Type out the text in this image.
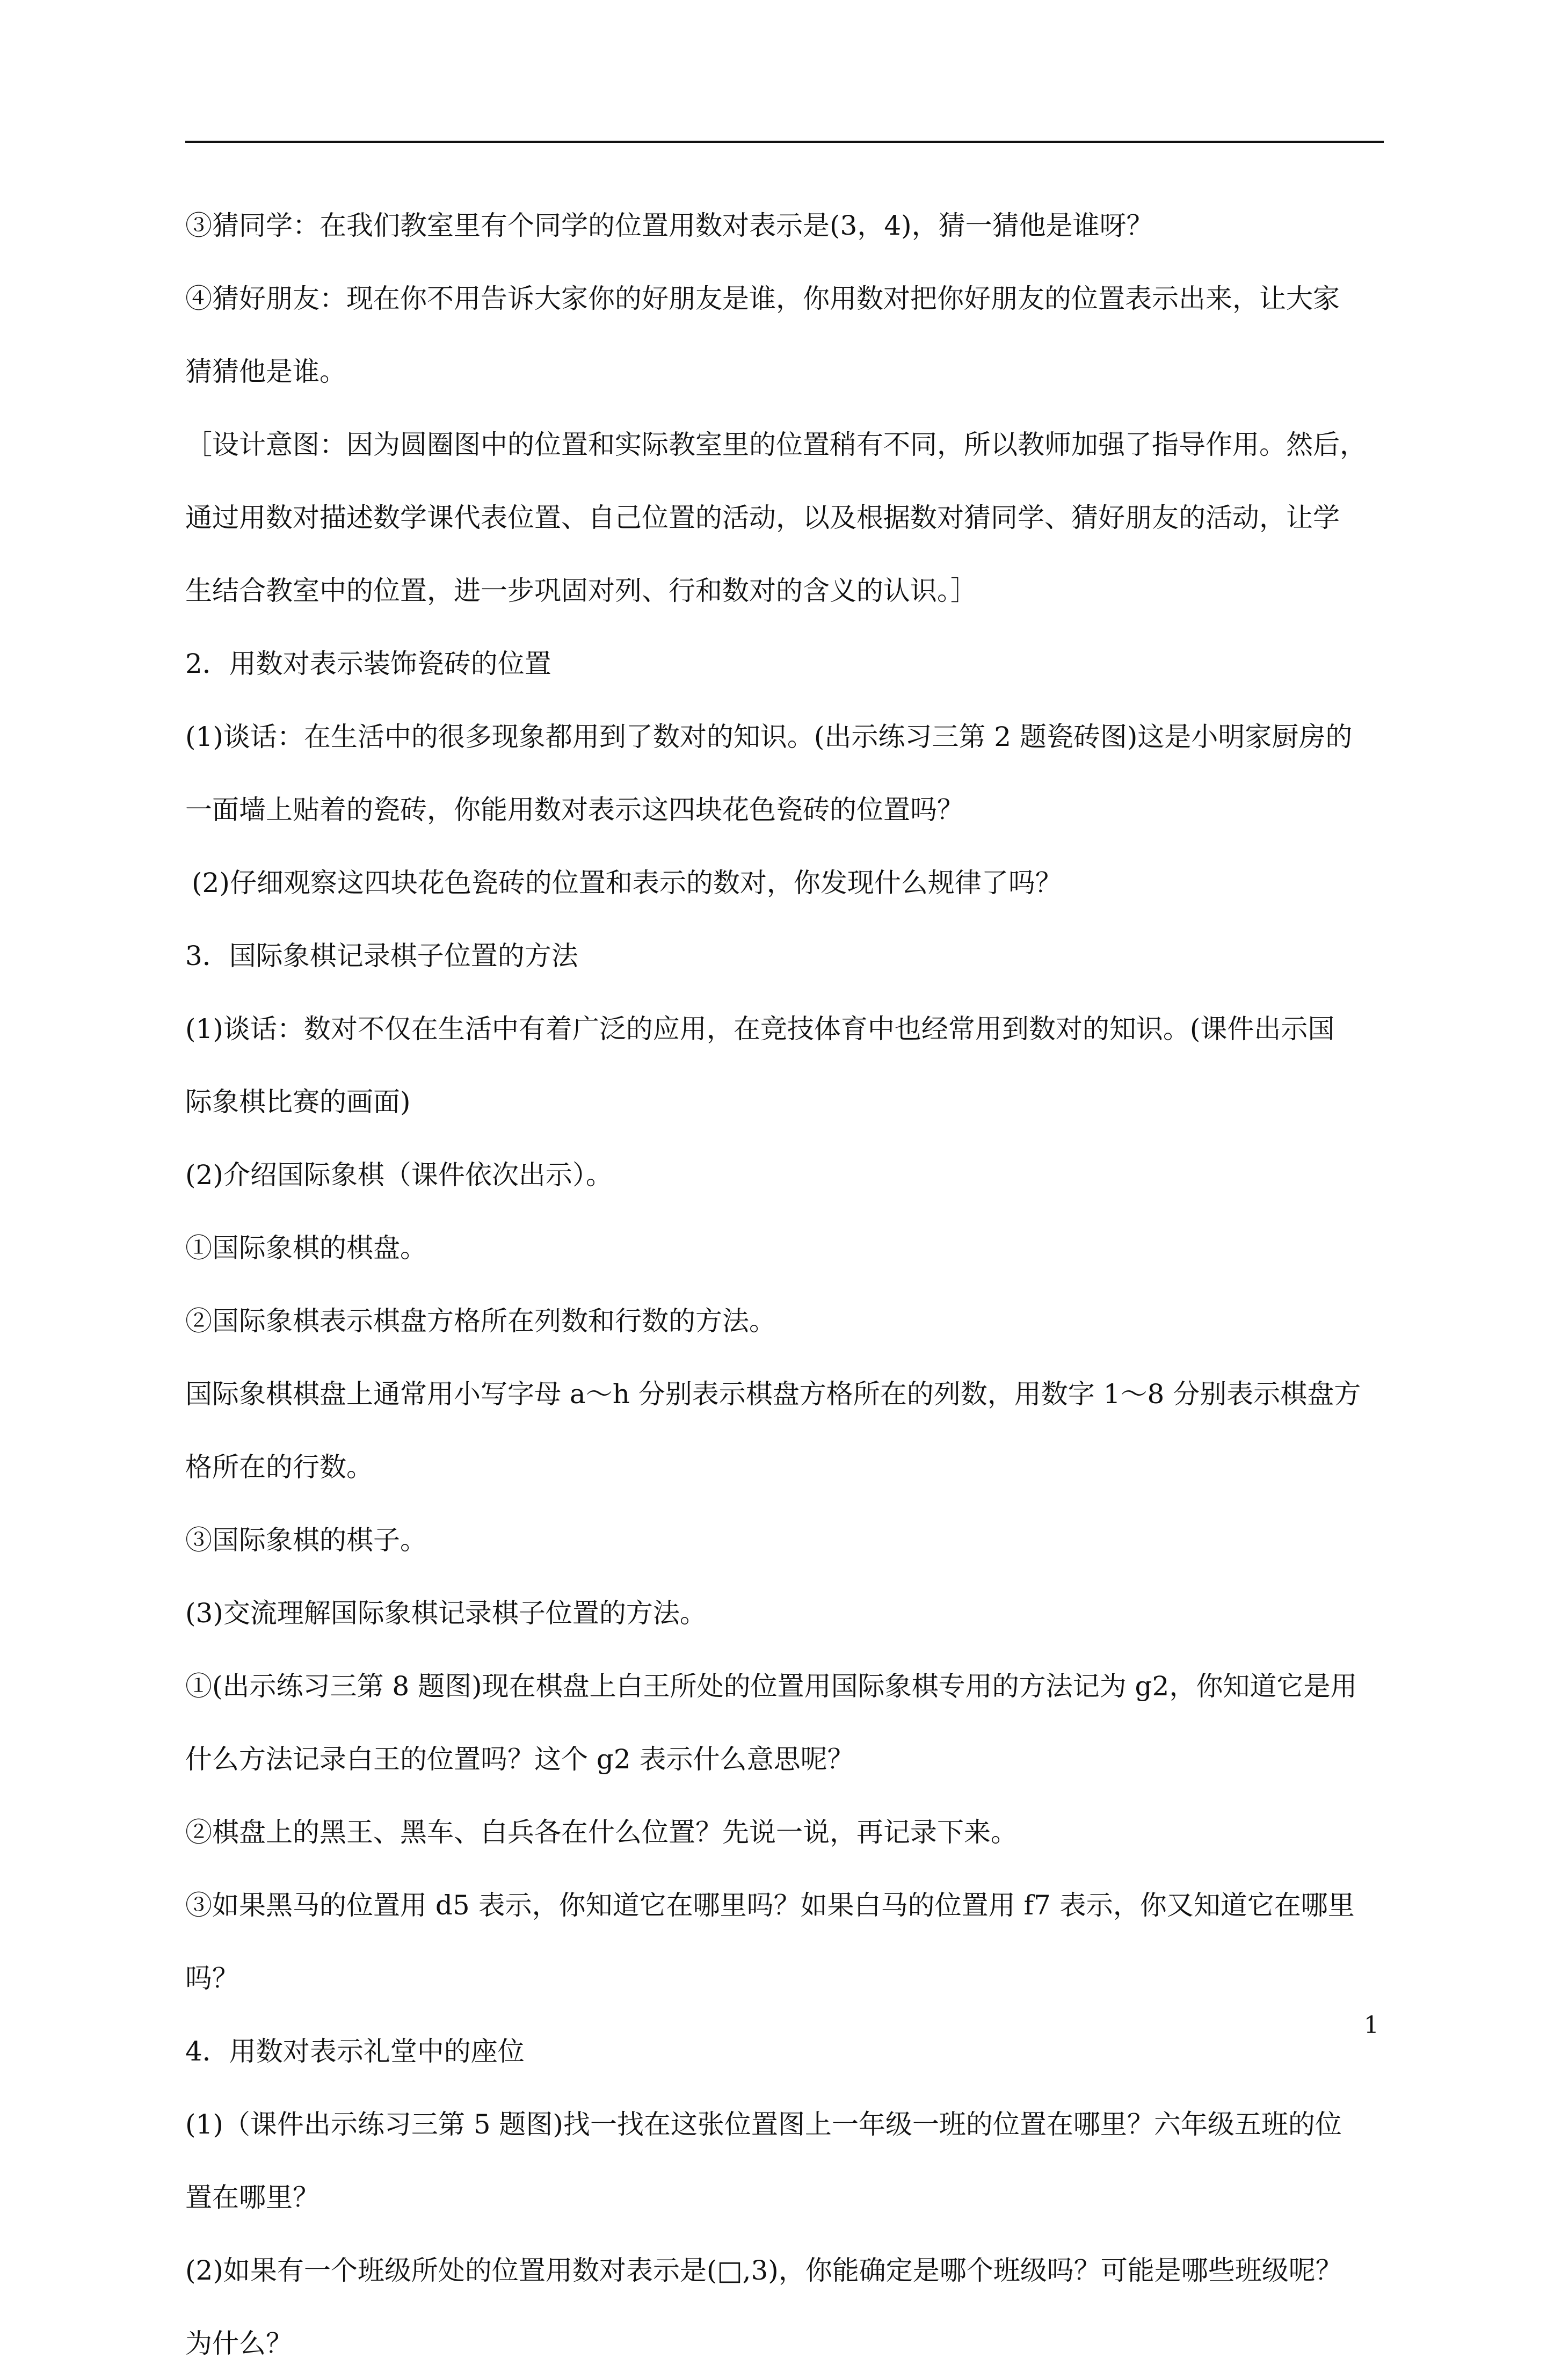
③猜同学：在我们教室里有个同学的位置用数对表示是(3，4)，猜一猜他是谁呀？

④猜好朋友：现在你不用告诉大家你的好朋友是谁，你用数对把你好朋友的位置表示出来，让大家

猜猜他是谁。

［设计意图：因为圆圈图中的位置和实际教室里的位置稍有不同，所以教师加强了指导作用。然后，

通过用数对描述数学课代表位置、自己位置的活动，以及根据数对猜同学、猜好朋友的活动，让学

生结合教室中的位置，进一步巩固对列、行和数对的含义的认识。］

2．用数对表示装饰瓷砖的位置

(1)谈话：在生活中的很多现象都用到了数对的知识。(出示练习三第 2 题瓷砖图)这是小明家厨房的

一面墙上贴着的瓷砖，你能用数对表示这四块花色瓷砖的位置吗？

(2)仔细观察这四块花色瓷砖的位置和表示的数对，你发现什么规律了吗？

3．国际象棋记录棋子位置的方法

(1)谈话：数对不仅在生活中有着广泛的应用，在竞技体育中也经常用到数对的知识。(课件出示国

际象棋比赛的画面)

(2)介绍国际象棋（课件依次出示）。

①国际象棋的棋盘。

②国际象棋表示棋盘方格所在列数和行数的方法。

国际象棋棋盘上通常用小写字母 a～h 分别表示棋盘方格所在的列数，用数字 1～8 分别表示棋盘方

格所在的行数。

③国际象棋的棋子。

(3)交流理解国际象棋记录棋子位置的方法。

①(出示练习三第 8 题图)现在棋盘上白王所处的位置用国际象棋专用的方法记为 g2，你知道它是用

什么方法记录白王的位置吗？这个 g2 表示什么意思呢？

②棋盘上的黑王、黑车、白兵各在什么位置？先说一说，再记录下来。

③如果黑马的位置用 d5 表示，你知道它在哪里吗？如果白马的位置用 f7 表示，你又知道它在哪里

吗？

4．用数对表示礼堂中的座位

(1)（课件出示练习三第 5 题图)找一找在这张位置图上一年级一班的位置在哪里？六年级五班的位

置在哪里？

(2)如果有一个班级所处的位置用数对表示是(□,3)，你能确定是哪个班级吗？可能是哪些班级呢？

为什么？

1
